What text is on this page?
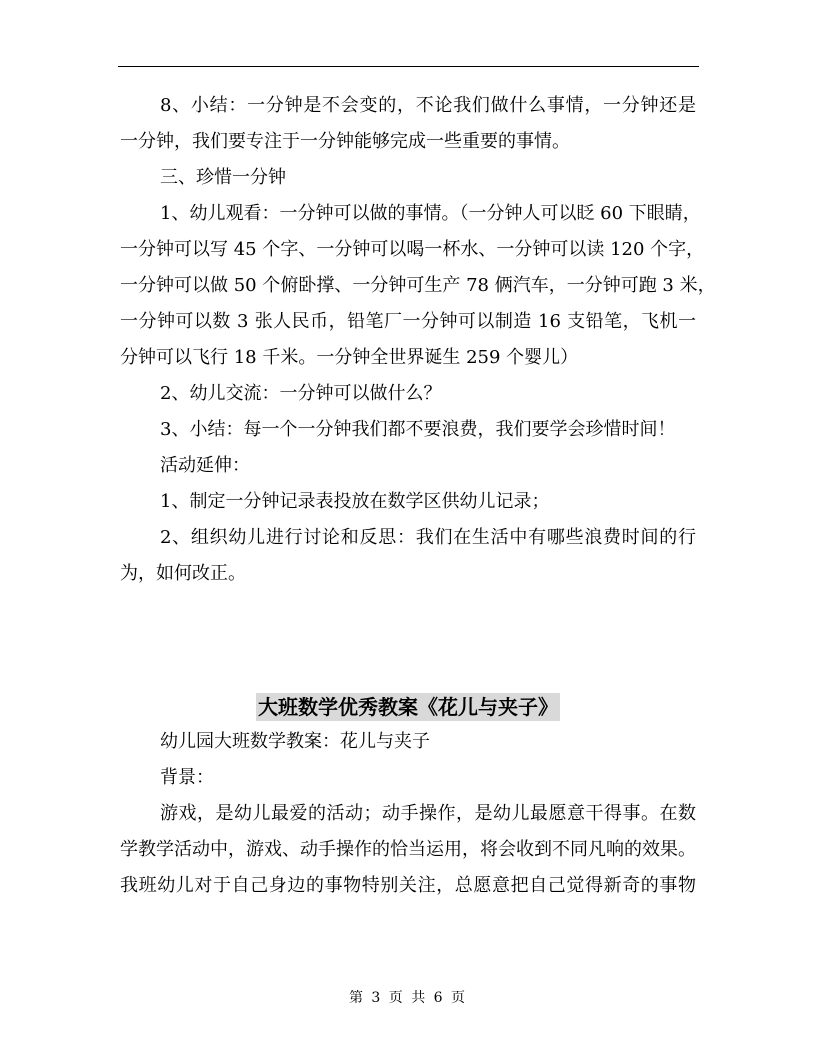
8、小结：一分钟是不会变的，不论我们做什么事情，一分钟还是
一分钟，我们要专注于一分钟能够完成一些重要的事情。
三、珍惜一分钟
1、幼儿观看：一分钟可以做的事情。（一分钟人可以眨 60 下眼睛，
一分钟可以写 45 个字、一分钟可以喝一杯水、一分钟可以读 120 个字，
一分钟可以做 50 个俯卧撑、一分钟可生产 78 俩汽车，一分钟可跑 3 米，
一分钟可以数 3 张人民币，铅笔厂一分钟可以制造 16 支铅笔，飞机一
分钟可以飞行 18 千米。一分钟全世界诞生 259 个婴儿）
2、幼儿交流：一分钟可以做什么？
3、小结：每一个一分钟我们都不要浪费，我们要学会珍惜时间！
活动延伸：
1、制定一分钟记录表投放在数学区供幼儿记录；
2、组织幼儿进行讨论和反思：我们在生活中有哪些浪费时间的行
为，如何改正。
大班数学优秀教案《花儿与夹子》
幼儿园大班数学教案：花儿与夹子
背景：
游戏，是幼儿最爱的活动；动手操作，是幼儿最愿意干得事。在数
学教学活动中，游戏、动手操作的恰当运用，将会收到不同凡响的效果。
我班幼儿对于自己身边的事物特别关注，总愿意把自己觉得新奇的事物
第 3 页 共 6 页
